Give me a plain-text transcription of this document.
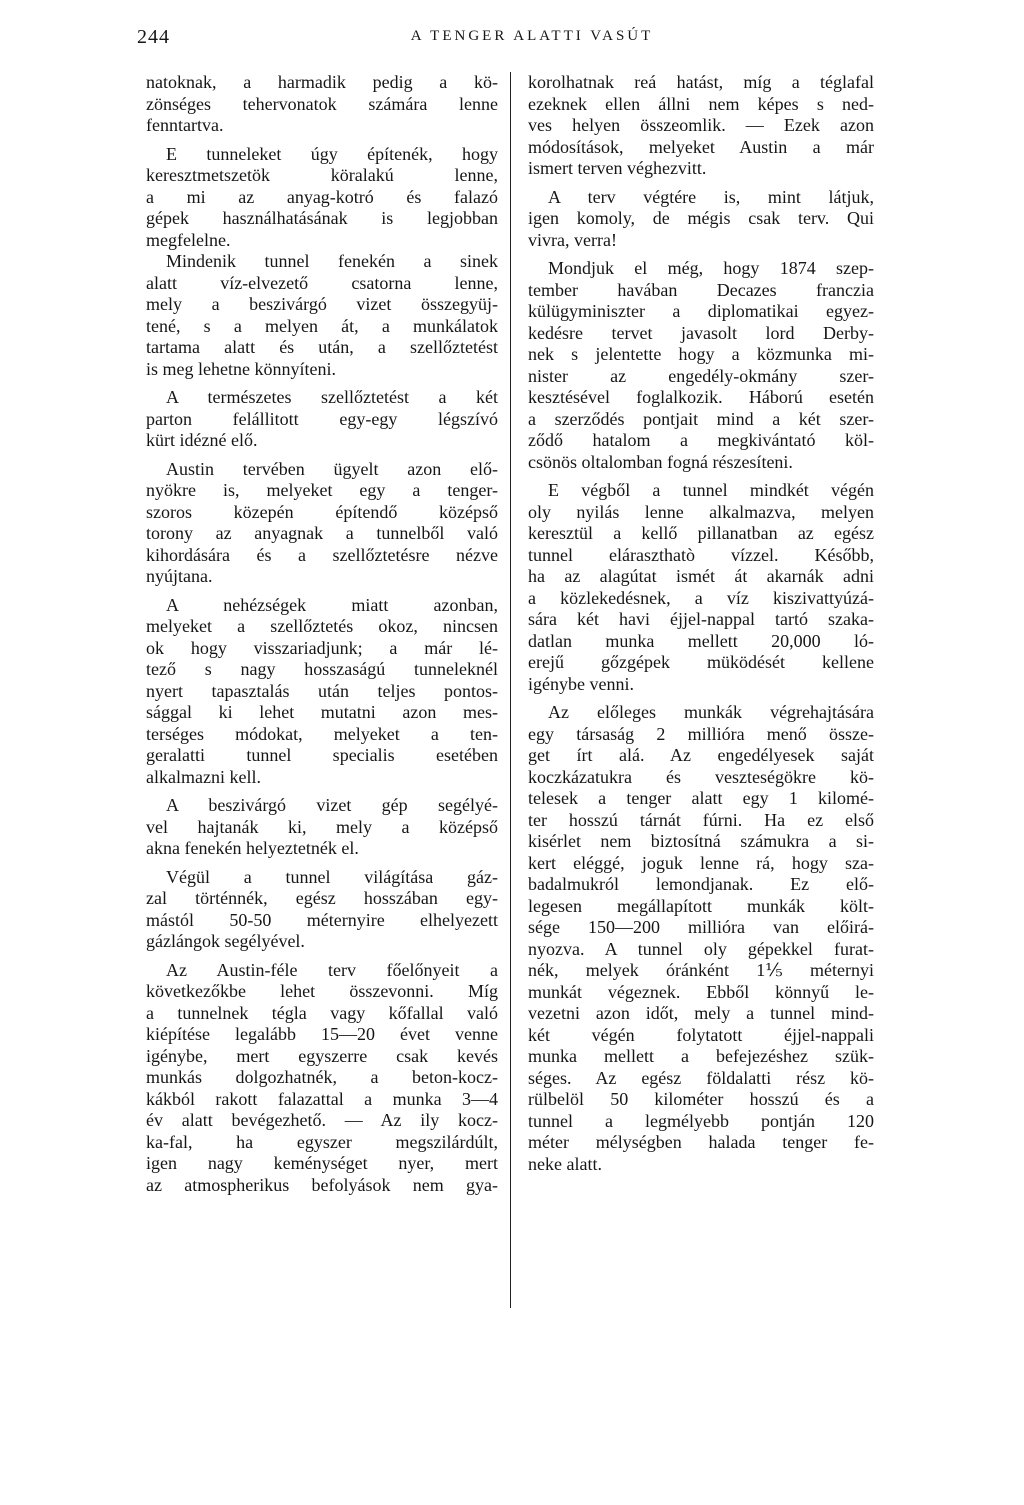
244	A TENGER ALATTI VASÚT
natoknak, a harmadik pedig a kö-
zönséges tehervonatok számára lenne
fenntartva.
E tunneleket úgy építenék, hogy
keresztmetszetök köralakú lenne,
a mi az anyag-kotró és falazó
gépek használhatásának is legjobban
megfelelne.
Mindenik tunnel fenekén a sinek
alatt víz-elvezető csatorna lenne,
mely a beszivárgó vizet összegyüj-
tené, s a melyen át, a munkálatok
tartama alatt és után, a szellőztetést
is meg lehetne könnyíteni.
A természetes szellőztetést a két
parton felállitott egy-egy légszívó
kürt idézné elő.
Austin tervében ügyelt azon elő-
nyökre is, melyeket egy a tenger-
szoros közepén építendő középső
torony az anyagnak a tunnelből való
kihordására és a szellőztetésre nézve
nyújtana.
A nehézségek miatt azonban,
melyeket a szellőztetés okoz, nincsen
ok hogy visszariadjunk; a már lé-
tező s nagy hosszaságú tunneleknél
nyert tapasztalás után teljes pontos-
sággal ki lehet mutatni azon mes-
terséges módokat, melyeket a ten-
geralatti tunnel specialis esetében
alkalmazni kell.
A beszivárgó vizet gép segélyé-
vel hajtanák ki, mely a középső
akna fenekén helyeztetnék el.
Végül a tunnel világítása gáz-
zal történnék, egész hosszában egy-
mástól 50-50 méternyire elhelyezett
gázlángok segélyével.
Az Austin-féle terv főelőnyeit a
következőkbe lehet összevonni. Míg
a tunnelnek tégla vagy kőfallal való
kiépítése legalább 15—20 évet venne
igénybe, mert egyszerre csak kevés
munkás dolgozhatnék, a beton-kocz-
kákból rakott falazattal a munka 3—4
év alatt bevégezhető. — Az ily kocz-
ka-fal, ha egyszer megszilárdúlt,
igen nagy keménységet nyer, mert
az atmospherikus befolyások nem gya-
korolhatnak reá hatást, míg a téglafal
ezeknek ellen állni nem képes s ned-
ves helyen összeomlik. — Ezek azon
módosítások, melyeket Austin a már
ismert terven véghezvitt.
A terv végtére is, mint látjuk,
igen komoly, de mégis csak terv. Qui
vivra, verra!
Mondjuk el még, hogy 1874 szep-
tember havában Decazes franczia
külügyminiszter a diplomatikai egyez-
kedésre tervet javasolt lord Derby-
nek s jelentette hogy a közmunka mi-
nister az engedély-okmány szer-
kesztésével foglalkozik. Háború esetén
a szerződés pontjait mind a két szer-
ződő hatalom a megkivántató köl-
csönös oltalomban fogná részesíteni.
E végből a tunnel mindkét végén
oly nyilás lenne alkalmazva, melyen
keresztül a kellő pillanatban az egész
tunnel eláraszthatò vízzel. Később,
ha az alagútat ismét át akarnák adni
a közlekedésnek, a víz kiszivattyúzá-
sára két havi éjjel-nappal tartó szaka-
datlan munka mellett 20,000 ló-
erejű gőzgépek müködését kellene
igénybe venni.
Az előleges munkák végrehajtására
egy társaság 2 millióra menő össze-
get írt alá. Az engedélyesek saját
koczkázatukra és veszteségökre kö-
telesek a tenger alatt egy 1 kilomé-
ter hosszú tárnát fúrni. Ha ez első
kisérlet nem biztosítná számukra a si-
kert eléggé, joguk lenne rá, hogy sza-
badalmukról lemondjanak. Ez elő-
legesen megállapított munkák költ-
sége 150—200 millióra van előirá-
nyozva. A tunnel oly gépekkel furat-
nék, melyek óránként 1⅕ méternyi
munkát végeznek. Ebből könnyű le-
vezetni azon időt, mely a tunnel mind-
két végén folytatott éjjel-nappali
munka mellett a befejezéshez szük-
séges. Az egész földalatti rész kö-
rülbelöl 50 kilométer hosszú és a
tunnel a legmélyebb pontján 120
méter mélységben halada tenger fe-
neke alatt.
